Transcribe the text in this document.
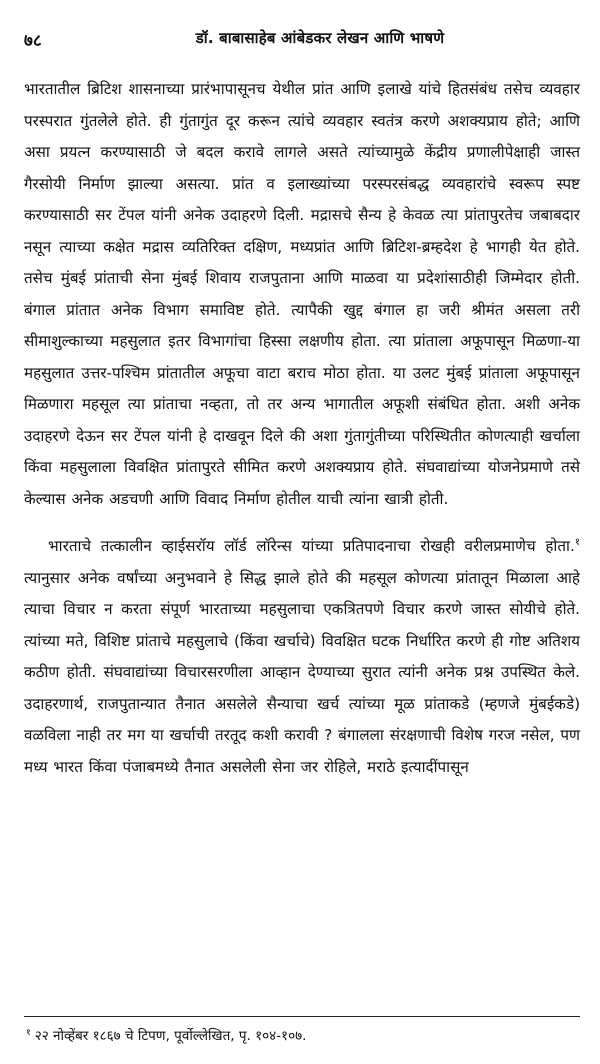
७८	डॉ. बाबासाहेब आंबेडकर लेखन आणि भाषणे

भारतातील ब्रिटिश शासनाच्या प्रारंभापासूनच येथील प्रांत आणि इलाखे यांचे हितसंबंध तसेच व्यवहार परस्परात गुंतलेले होते. ही गुंतागुंत दूर करून त्यांचे व्यवहार स्वतंत्र करणे अशक्यप्राय होते; आणि असा प्रयत्न करण्यासाठी जे बदल करावे लागले असते त्यांच्यामुळे केंद्रीय प्रणालीपेक्षाही जास्त गैरसोयी निर्माण झाल्या असत्या. प्रांत व इलाख्यांच्या परस्परसंबद्ध व्यवहारांचे स्वरूप स्पष्ट करण्यासाठी सर टेंपल यांनी अनेक उदाहरणे दिली. मद्रासचे सैन्य हे केवळ त्या प्रांतापुरतेच जबाबदार नसून त्याच्या कक्षेत मद्रास व्यतिरिक्त दक्षिण, मध्यप्रांत आणि ब्रिटिश-ब्रम्हदेश हे भागही येत होते. तसेच मुंबई प्रांताची सेना मुंबई शिवाय राजपुताना आणि माळवा या प्रदेशांसाठीही जिम्मेदार होती. बंगाल प्रांतात अनेक विभाग समाविष्ट होते. त्यापैकी खुद्द बंगाल हा जरी श्रीमंत असला तरी सीमाशुल्काच्या महसुलात इतर विभागांचा हिस्सा लक्षणीय होता. त्या प्रांताला अफूपासून मिळणा-या महसुलात उत्तर-पश्चिम प्रांतातील अफूचा वाटा बराच मोठा होता. या उलट मुंबई प्रांताला अफूपासून मिळणारा महसूल त्या प्रांताचा नव्हता, तो तर अन्य भागातील अफूशी संबंधित होता. अशी अनेक उदाहरणे देऊन सर टेंपल यांनी हे दाखवून दिले की अशा गुंतागुंतीच्या परिस्थितीत कोणत्याही खर्चाला किंवा महसुलाला विवक्षित प्रांतापुरते सीमित करणे अशक्यप्राय होते. संघवाद्यांच्या योजनेप्रमाणे तसे केल्यास अनेक अडचणी आणि विवाद निर्माण होतील याची त्यांना खात्री होती.

भारताचे तत्कालीन व्हाईसरॉय लॉर्ड लॉरेन्स यांच्या प्रतिपादनाचा रोखही वरीलप्रमाणेच होता.$^१$ त्यानुसार अनेक वर्षांच्या अनुभवाने हे सिद्ध झाले होते की महसूल कोणत्या प्रांतातून मिळाला आहे त्याचा विचार न करता संपूर्ण भारताच्या महसुलाचा एकत्रितपणे विचार करणे जास्त सोयीचे होते. त्यांच्या मते, विशिष्ट प्रांताचे महसुलाचे (किंवा खर्चाचे) विवक्षित घटक निर्धारित करणे ही गोष्ट अतिशय कठीण होती. संघवाद्यांच्या विचारसरणीला आव्हान देण्याच्या सुरात त्यांनी अनेक प्रश्न उपस्थित केले. उदाहरणार्थ, राजपुतान्यात तैनात असलेले सैन्याचा खर्च त्यांच्या मूळ प्रांताकडे (म्हणजे मुंबईकडे) वळविला नाही तर मग या खर्चाची तरतूद कशी करावी ? बंगालला संरक्षणाची विशेष गरज नसेल, पण मध्य भारत किंवा पंजाबमध्ये तैनात असलेली सेना जर रोहिले, मराठे इत्यादींपासून

$^१$ २२ नोव्हेंबर १८६७ चे टिपण, पूर्वोल्लेखित, पृ. १०४-१०७.
